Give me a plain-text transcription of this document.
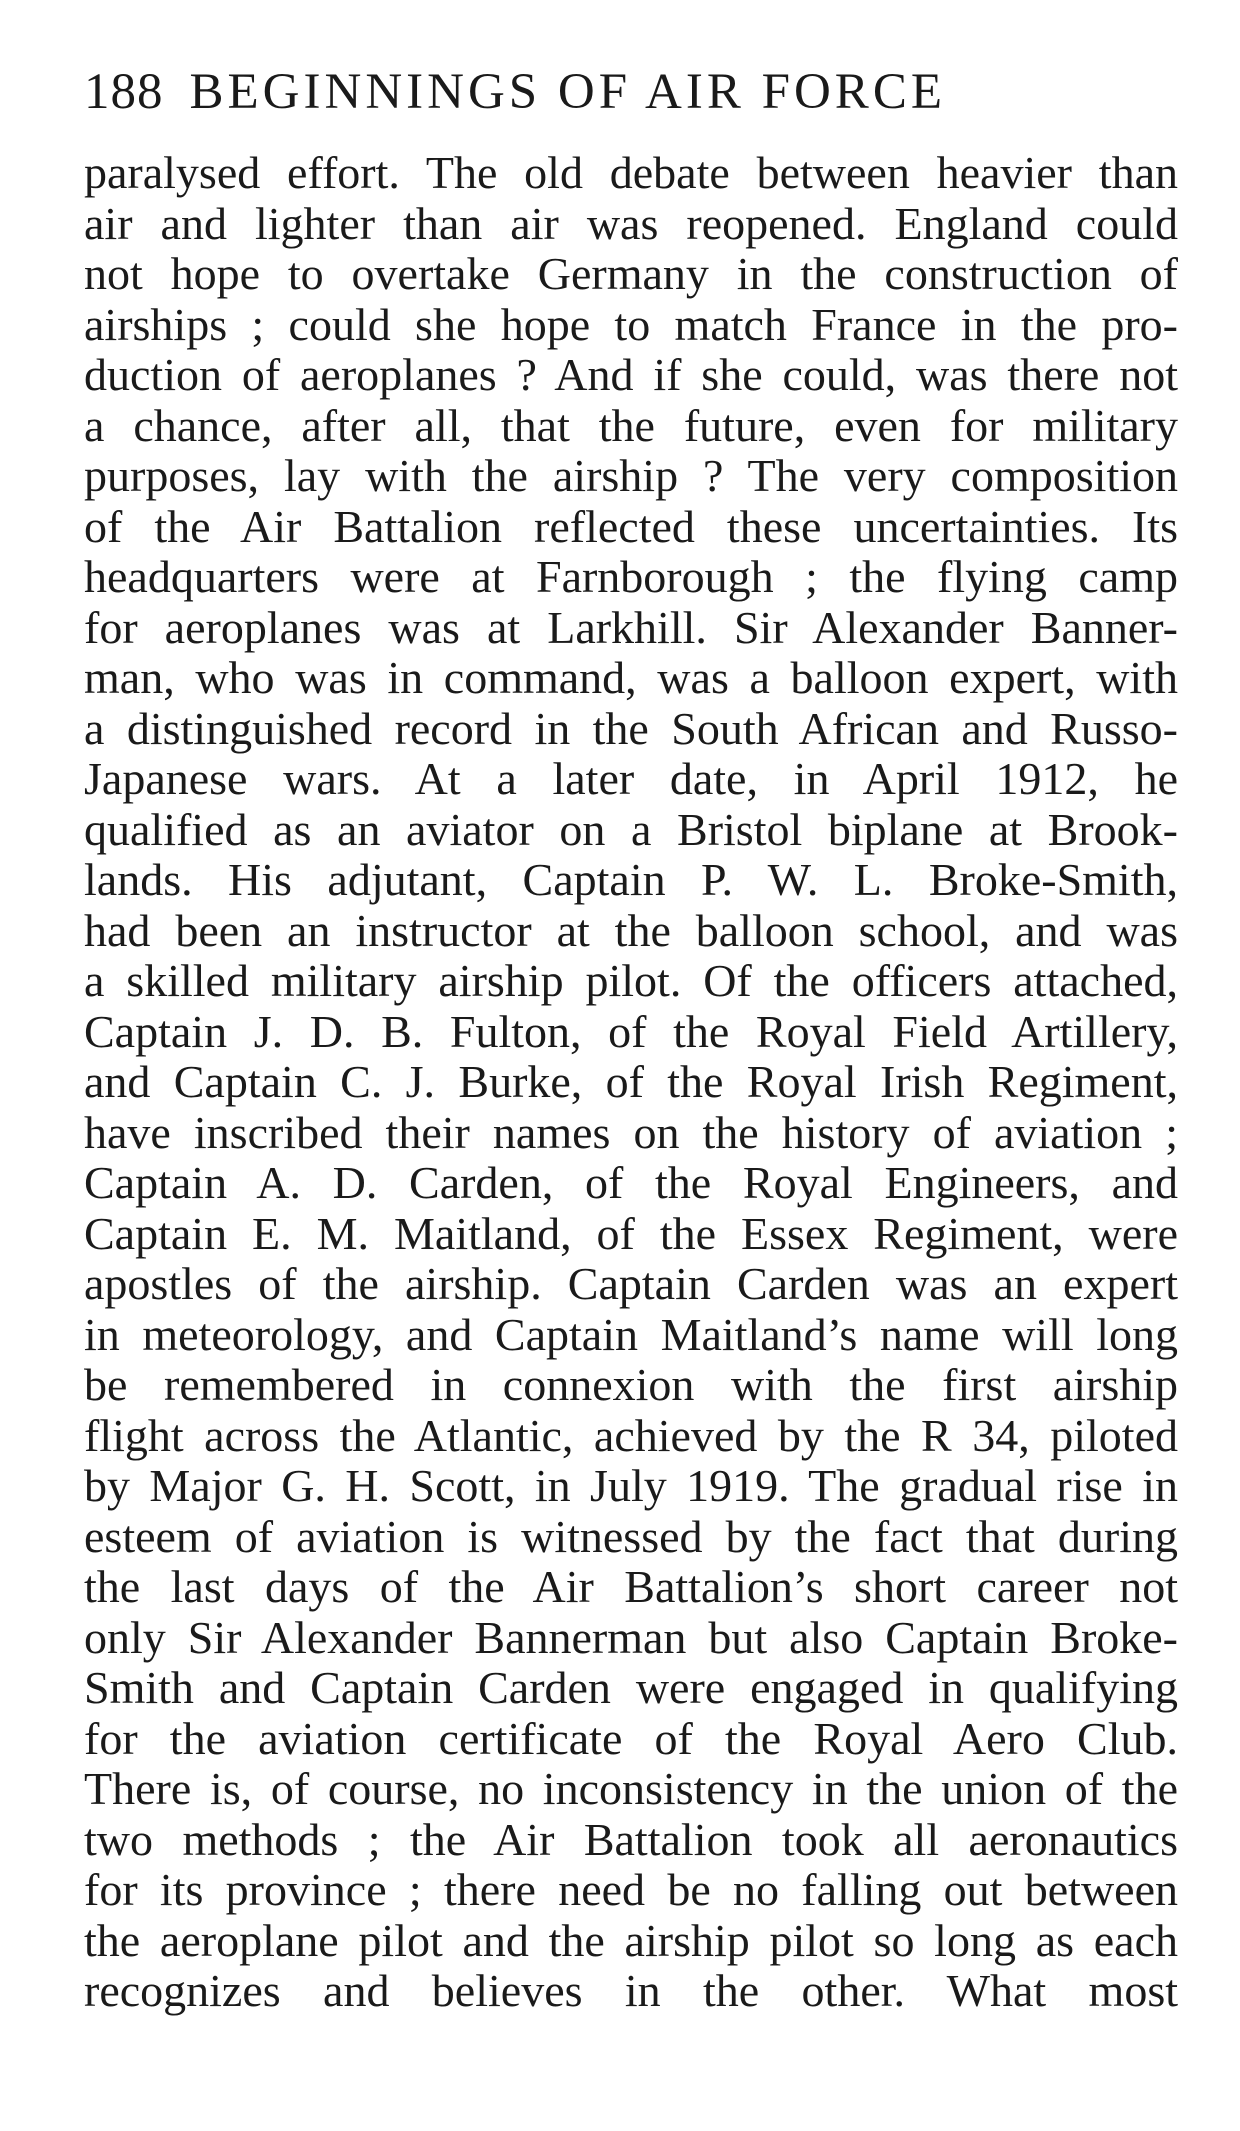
188 BEGINNINGS OF AIR FORCE
paralysed effort. The old debate between heavier than
air and lighter than air was reopened. England could
not hope to overtake Germany in the construction of
airships ; could she hope to match France in the pro-
duction of aeroplanes ? And if she could, was there not
a chance, after all, that the future, even for military
purposes, lay with the airship ? The very composition
of the Air Battalion reflected these uncertainties. Its
headquarters were at Farnborough ; the flying camp
for aeroplanes was at Larkhill. Sir Alexander Banner-
man, who was in command, was a balloon expert, with
a distinguished record in the South African and Russo-
Japanese wars. At a later date, in April 1912, he
qualified as an aviator on a Bristol biplane at Brook-
lands. His adjutant, Captain P. W. L. Broke-Smith,
had been an instructor at the balloon school, and was
a skilled military airship pilot. Of the officers attached,
Captain J. D. B. Fulton, of the Royal Field Artillery,
and Captain C. J. Burke, of the Royal Irish Regiment,
have inscribed their names on the history of aviation ;
Captain A. D. Carden, of the Royal Engineers, and
Captain E. M. Maitland, of the Essex Regiment, were
apostles of the airship. Captain Carden was an expert
in meteorology, and Captain Maitland’s name will long
be remembered in connexion with the first airship
flight across the Atlantic, achieved by the R 34, piloted
by Major G. H. Scott, in July 1919. The gradual rise in
esteem of aviation is witnessed by the fact that during
the last days of the Air Battalion’s short career not
only Sir Alexander Bannerman but also Captain Broke-
Smith and Captain Carden were engaged in qualifying
for the aviation certificate of the Royal Aero Club.
There is, of course, no inconsistency in the union of the
two methods ; the Air Battalion took all aeronautics
for its province ; there need be no falling out between
the aeroplane pilot and the airship pilot so long as each
recognizes and believes in the other. What most
